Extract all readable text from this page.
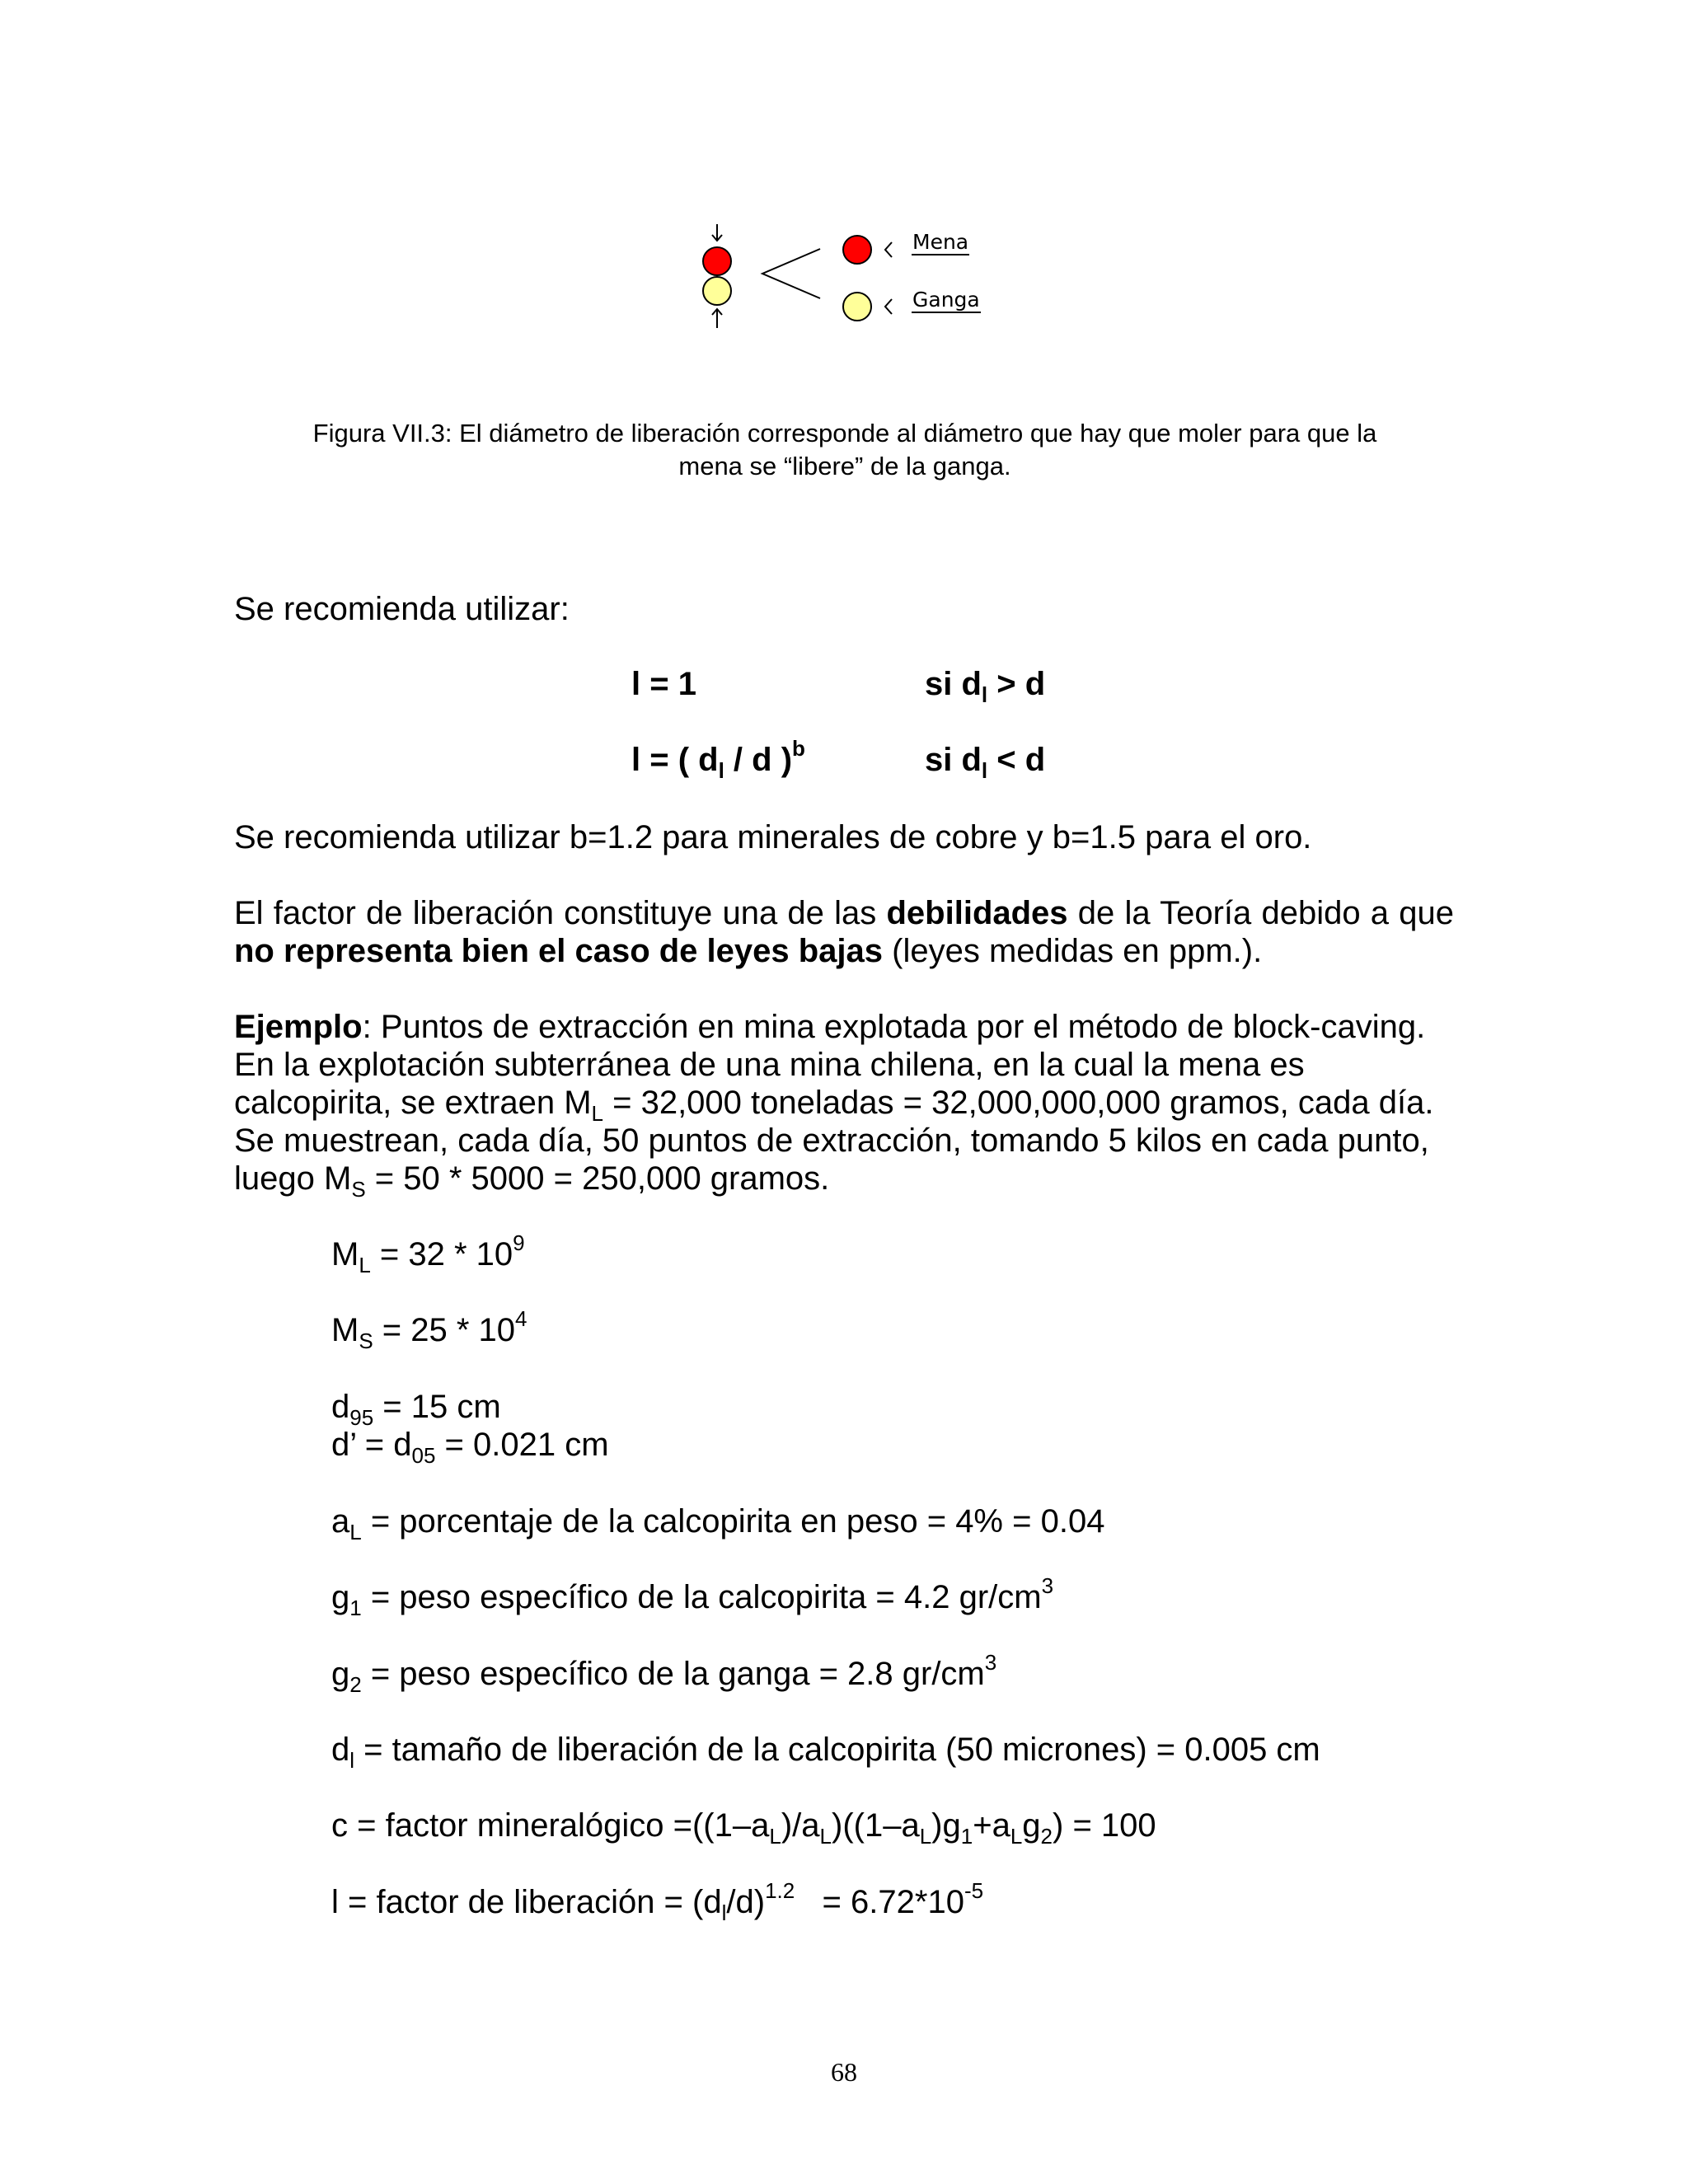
Mena
Ganga
Figura VII.3: El diámetro de liberación corresponde al diámetro que hay que moler para que la
mena se “libere” de la ganga.
Se recomienda utilizar:
l = 1	si $d_l > d$
l = ( $d_l$ / d )$^b$	si $d_l < d$
Se recomienda utilizar b=1.2 para minerales de cobre y b=1.5 para el oro.
El factor de liberación constituye una de las debilidades de la Teoría debido a que no representa bien el caso de leyes bajas (leyes medidas en ppm.).
Ejemplo: Puntos de extracción en mina explotada por el método de block-caving.
En la explotación subterránea de una mina chilena, en la cual la mena es
calcopirita, se extraen $M_L = 32,000$ toneladas = 32,000,000,000 gramos, cada día.
Se muestrean, cada día, 50 puntos de extracción, tomando 5 kilos en cada punto,
luego $M_S = 50 * 5000 = 250,000$ gramos.
$M_L = 32 * 10^9$
$M_S = 25 * 10^4$
$d_{95} = 15$ cm
d’ = $d_{05} = 0.021$ cm
$a_L$ = porcentaje de la calcopirita en peso = 4% = 0.04
$g_1$ = peso específico de la calcopirita = 4.2 $gr/cm^3$
$g_2$ = peso específico de la ganga = 2.8 $gr/cm^3$
$d_l$ = tamaño de liberación de la calcopirita (50 micrones) = 0.005 cm
c = factor mineralógico $=((1-a_L)/a_L)((1-a_L)g_1+a_Lg_2) = 100$
l = factor de liberación = $(d_l/d)^{1.2} = 6.72*10^{-5}$
68
